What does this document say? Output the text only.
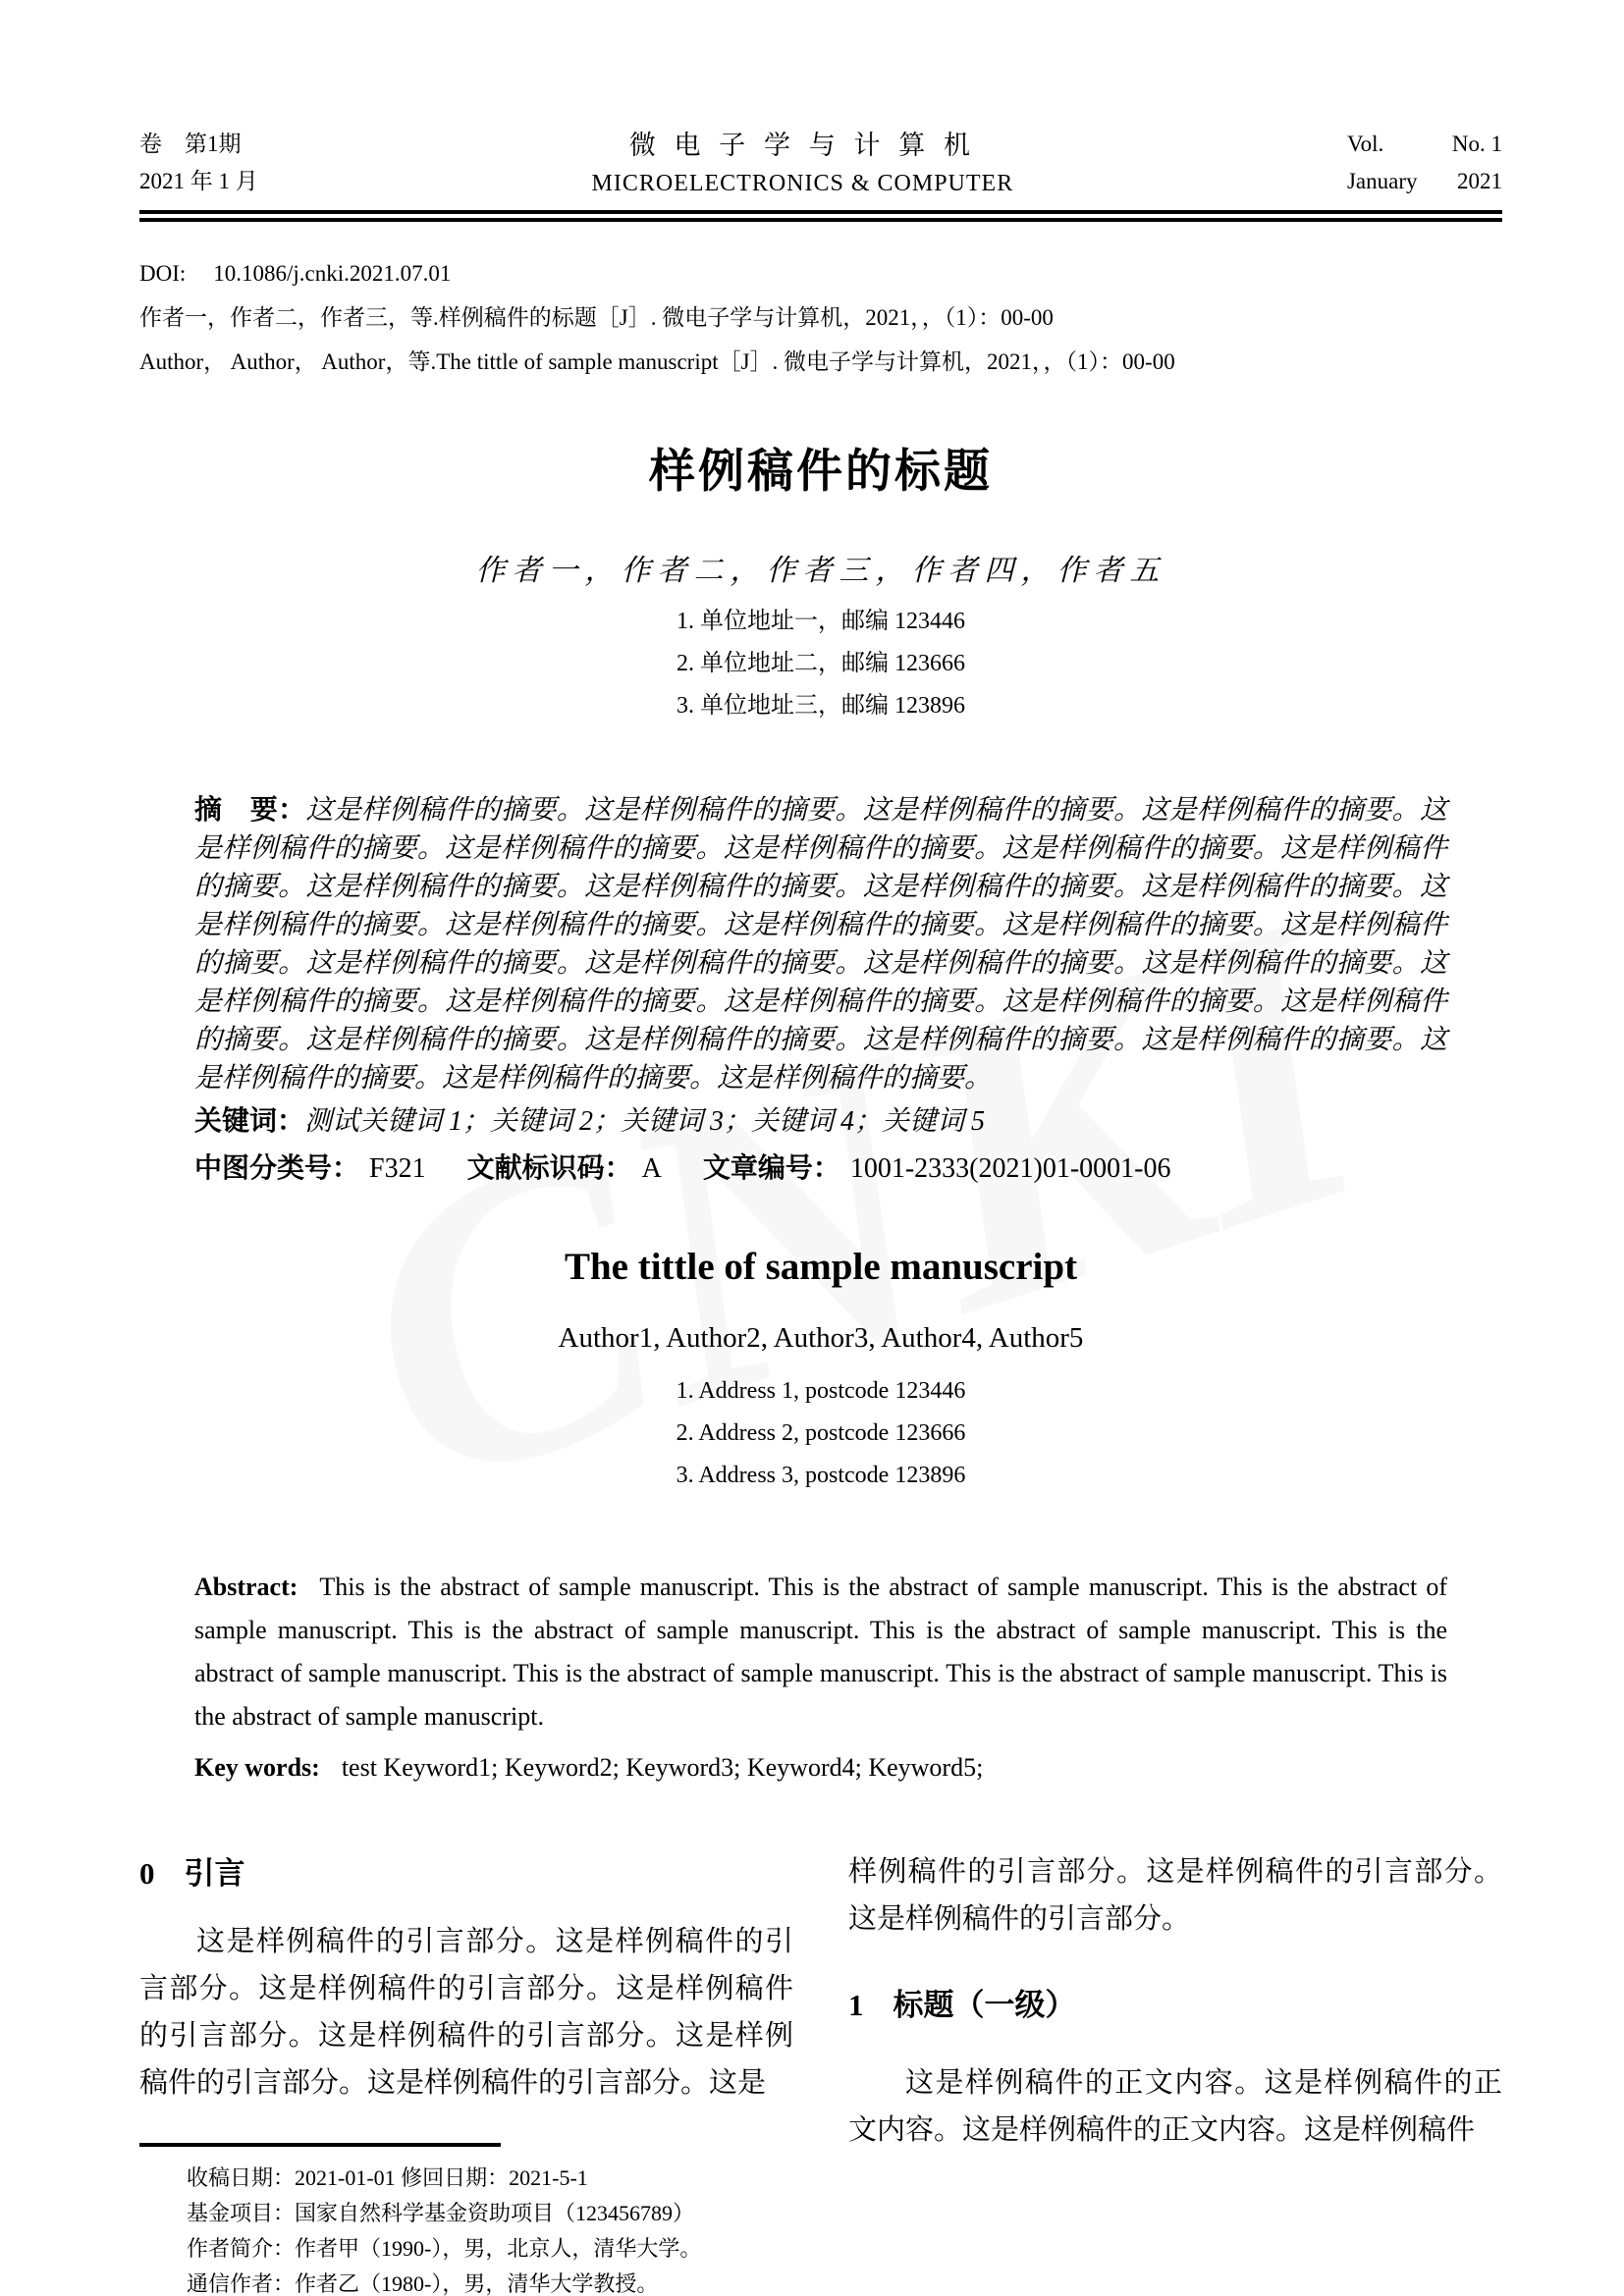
卷　第1期
2021 年 1 月
微 电 子 学 与 计 算 机
MICROELECTRONICS & COMPUTER
Vol.	No. 1
January 2021
DOI: 10.1086/j.cnki.2021.07.01
作者一，作者二，作者三，等.样例稿件的标题［J］. 微电子学与计算机，2021，，（1）：00-00
Author， Author， Author，等.The tittle of sample manuscript［J］. 微电子学与计算机，2021，，（1）：00-00
样例稿件的标题
作者一，作者二，作者三，作者四，作者五
1. 单位地址一，邮编 123446
2. 单位地址二，邮编 123666
3. 单位地址三，邮编 123896

摘　要：这是样例稿件的摘要。这是样例稿件的摘要。这是样例稿件的摘要。这是样例稿件的摘要。这是样例稿件的摘要。这是样例稿件的摘要。这是样例稿件的摘要。这是样例稿件的摘要。这是样例稿件的摘要。这是样例稿件的摘要。这是样例稿件的摘要。这是样例稿件的摘要。这是样例稿件的摘要。这是样例稿件的摘要。这是样例稿件的摘要。这是样例稿件的摘要。这是样例稿件的摘要。这是样例稿件的摘要。这是样例稿件的摘要。这是样例稿件的摘要。这是样例稿件的摘要。这是样例稿件的摘要。这是样例稿件的摘要。这是样例稿件的摘要。这是样例稿件的摘要。这是样例稿件的摘要。这是样例稿件的摘要。这是样例稿件的摘要。这是样例稿件的摘要。这是样例稿件的摘要。这是样例稿件的摘要。这是样例稿件的摘要。这是样例稿件的摘要。这是样例稿件的摘要。

关键词：测试关键词 1；关键词 2；关键词 3；关键词 4；关键词 5

中图分类号： F321 文献标识码： A 文章编号： 1001-2333(2021)01-0001-06

The tittle of sample manuscript
Author1, Author2, Author3, Author4, Author5
1. Address 1, postcode 123446
2. Address 2, postcode 123666
3. Address 3, postcode 123896

Abstract: This is the abstract of sample manuscript. This is the abstract of sample manuscript. This is the abstract of sample manuscript. This is the abstract of sample manuscript. This is the abstract of sample manuscript. This is the abstract of sample manuscript. This is the abstract of sample manuscript. This is the abstract of sample manuscript. This is the abstract of sample manuscript.

Key words: test Keyword1; Keyword2; Keyword3; Keyword4; Keyword5;

0 引言

这是样例稿件的引言部分。这是样例稿件的引言部分。这是样例稿件的引言部分。这是样例稿件的引言部分。这是样例稿件的引言部分。这是样例稿件的引言部分。这是样例稿件的引言部分。这是

收稿日期：2021-01-01 修回日期：2021-5-1
基金项目：国家自然科学基金资助项目（123456789）
作者简介：作者甲（1990-），男，北京人，清华大学。
通信作者：作者乙（1980-），男，清华大学教授。

样例稿件的引言部分。这是样例稿件的引言部分。这是样例稿件的引言部分。

1 标题（一级）

这是样例稿件的正文内容。这是样例稿件的正文内容。这是样例稿件的正文内容。这是样例稿件
